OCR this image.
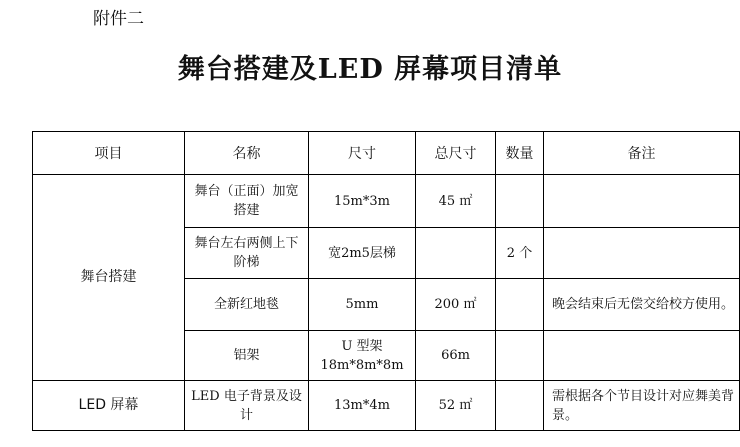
附件二
舞台搭建及LED 屏幕项目清单
项目	名称	尺寸	总尺寸	数量	备注
舞台搭建	舞台（正面）加宽搭建	15m*3m	45 ㎡		
	舞台左右两侧上下阶梯	宽2m5层梯		2 个	
	全新红地毯	5mm	200 ㎡		晚会结束后无偿交给校方使用。
	铝架	U 型架 18m*8m*8m	66m		
LED 屏幕	LED 电子背景及设计	13m*4m	52 ㎡		需根据各个节目设计对应舞美背景。
